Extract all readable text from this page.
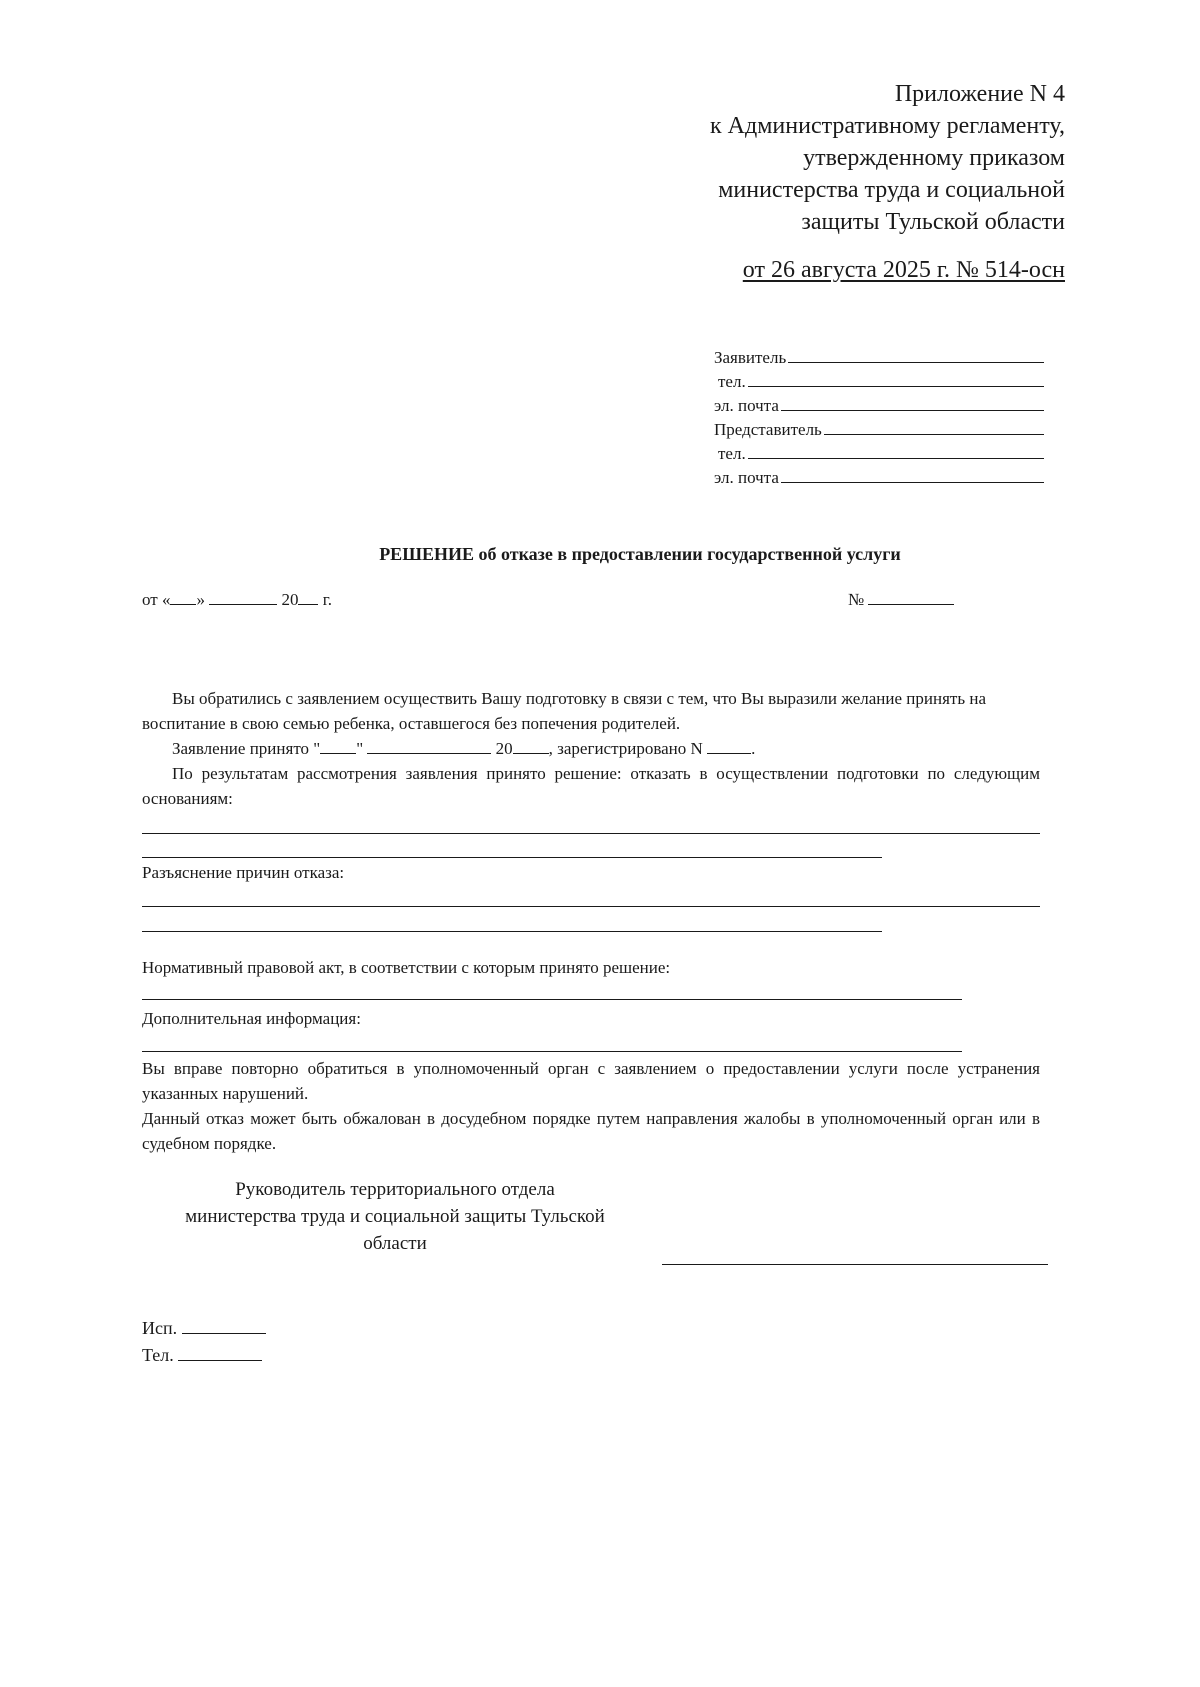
Приложение N 4
к Административному регламенту,
утвержденному приказом
министерства труда и социальной
защиты Тульской области
от 26 августа 2025 г. № 514-осн
Заявитель
тел.
эл. почта
Представитель
тел.
эл. почта
РЕШЕНИЕ об отказе в предоставлении государственной услуги
от « »	20 г.	№
Вы обратились с заявлением осуществить Вашу подготовку в связи с тем, что Вы выразили желание принять на воспитание в свою семью ребенка, оставшегося без попечения родителей.
Заявление принято " "	20 , зарегистрировано N	.
По результатам рассмотрения заявления принято решение: отказать в осуществлении подготовки по следующим основаниям:
Разъяснение причин отказа:
Нормативный правовой акт, в соответствии с которым принято решение:
Дополнительная информация:
Вы вправе повторно обратиться в уполномоченный орган с заявлением о предоставлении услуги после устранения указанных нарушений.
Данный отказ может быть обжалован в досудебном порядке путем направления жалобы в уполномоченный орган или в судебном порядке.
Руководитель территориального отдела
министерства труда и социальной защиты Тульской
области
Исп.
Тел.
